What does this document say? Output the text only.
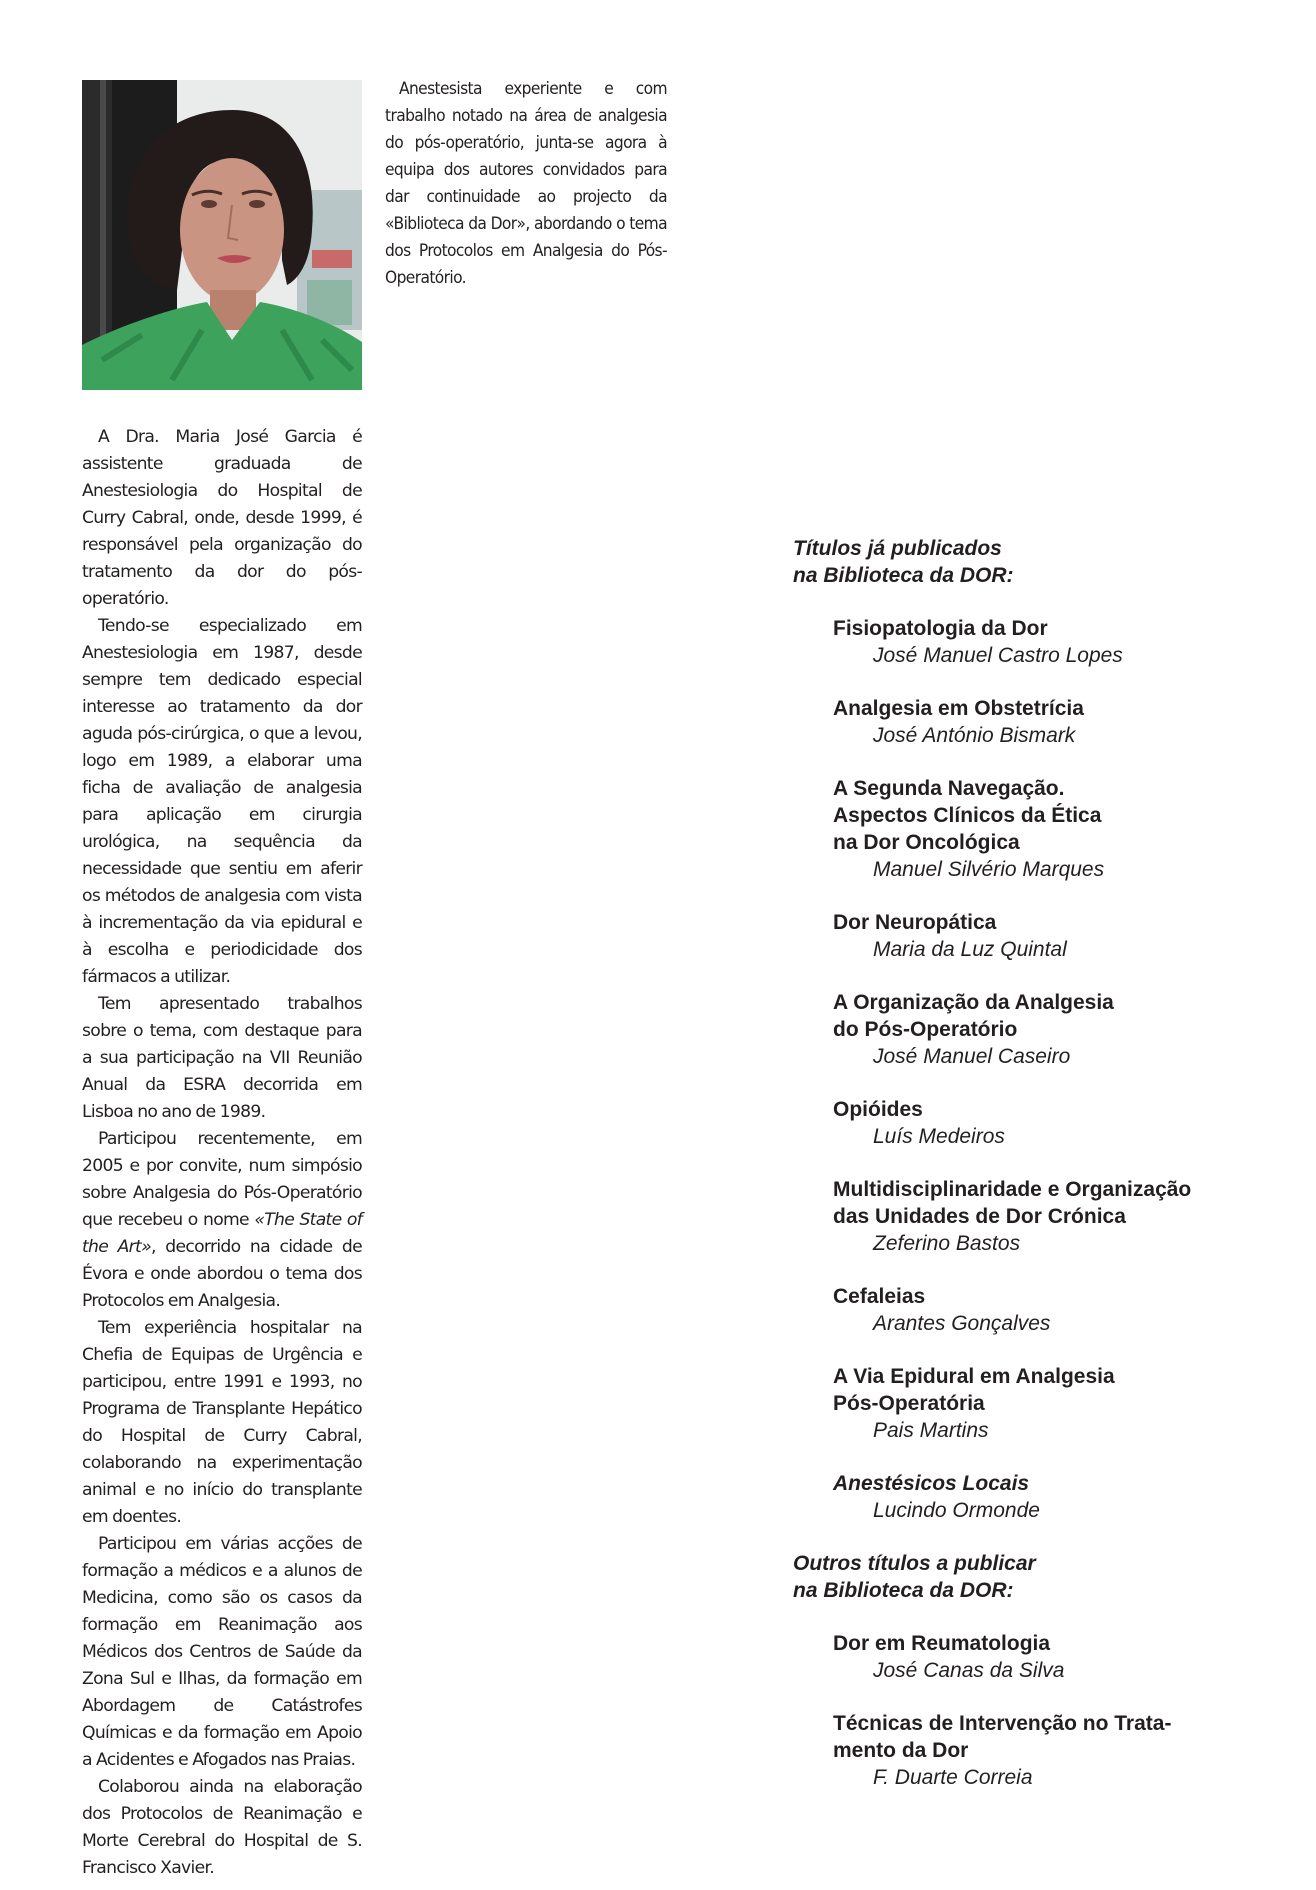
Anestesista experiente e com trabalho notado na área de analgesia do pós-operatório, junta-se agora à equipa dos autores convidados para dar continuidade ao projecto da «Biblioteca da Dor», abordando o tema dos Protocolos em Analgesia do Pós-Operatório.

A Dra. Maria José Garcia é assistente graduada de Anestesiologia do Hospital de Curry Cabral, onde, desde 1999, é responsável pela organização do tratamento da dor do pós-operatório.

Tendo-se especializado em Anestesiologia em 1987, desde sempre tem dedicado especial interesse ao tratamento da dor aguda pós-cirúrgica, o que a levou, logo em 1989, a elaborar uma ficha de avaliação de analgesia para aplicação em cirurgia urológica, na sequência da necessidade que sentiu em aferir os métodos de analgesia com vista à incrementação da via epidural e à escolha e periodicidade dos fármacos a utilizar.

Tem apresentado trabalhos sobre o tema, com destaque para a sua participação na VII Reunião Anual da ESRA decorrida em Lisboa no ano de 1989.

Participou recentemente, em 2005 e por convite, num simpósio sobre Analgesia do Pós-Operatório que recebeu o nome «The State of the Art», decorrido na cidade de Évora e onde abordou o tema dos Protocolos em Analgesia.

Tem experiência hospitalar na Chefia de Equipas de Urgência e participou, entre 1991 e 1993, no Programa de Transplante Hepático do Hospital de Curry Cabral, colaborando na experimentação animal e no início do transplante em doentes.

Participou em várias acções de formação a médicos e a alunos de Medicina, como são os casos da formação em Reanimação aos Médicos dos Centros de Saúde da Zona Sul e Ilhas, da formação em Abordagem de Catástrofes Químicas e da formação em Apoio a Acidentes e Afogados nas Praias.

Colaborou ainda na elaboração dos Protocolos de Reanimação e Morte Cerebral do Hospital de S. Francisco Xavier.

Títulos já publicados
na Biblioteca da DOR:
Fisiopatologia da Dor
José Manuel Castro Lopes
Analgesia em Obstetrícia
José António Bismark
A Segunda Navegação.
Aspectos Clínicos da Ética
na Dor Oncológica
Manuel Silvério Marques
Dor Neuropática
Maria da Luz Quintal
A Organização da Analgesia
do Pós-Operatório
José Manuel Caseiro
Opióides
Luís Medeiros
Multidisciplinaridade e Organização
das Unidades de Dor Crónica
Zeferino Bastos
Cefaleias
Arantes Gonçalves
A Via Epidural em Analgesia
Pós-Operatória
Pais Martins
Anestésicos Locais
Lucindo Ormonde
Outros títulos a publicar
na Biblioteca da DOR:
Dor em Reumatologia
José Canas da Silva
Técnicas de Intervenção no Trata-
mento da Dor
F. Duarte Correia
